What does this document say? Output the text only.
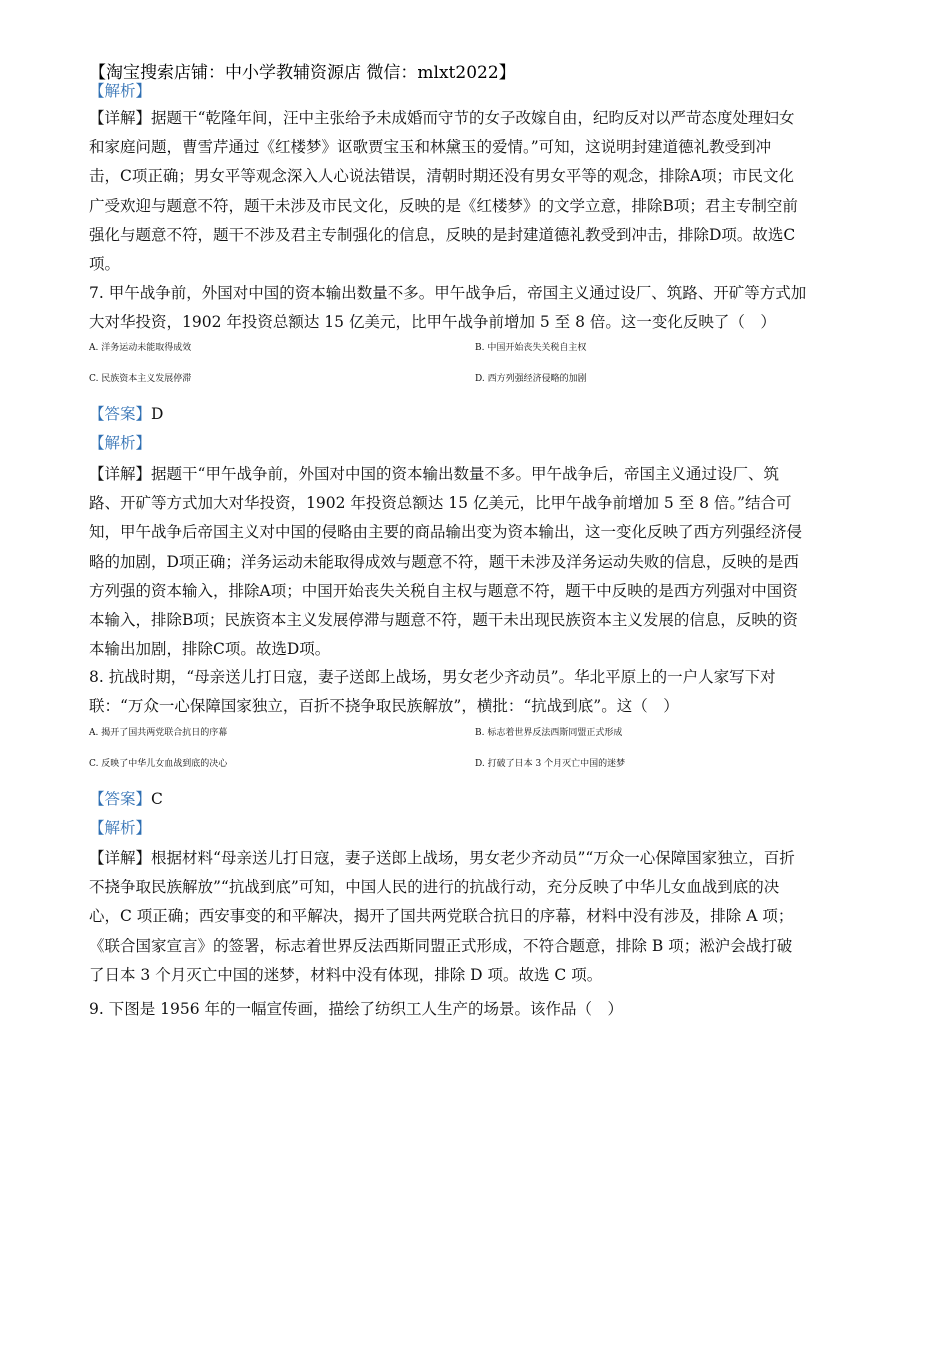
【淘宝搜索店铺：中小学教辅资源店 微信：mlxt2022】
【解析】
【详解】据题干“乾隆年间，汪中主张给予未成婚而守节的女子改嫁自由，纪昀反对以严苛态度处理妇女
和家庭问题，曹雪芹通过《红楼梦》讴歌贾宝玉和林黛玉的爱情。”可知，这说明封建道德礼教受到冲
击，C项正确；男女平等观念深入人心说法错误，清朝时期还没有男女平等的观念，排除A项；市民文化
广受欢迎与题意不符，题干未涉及市民文化，反映的是《红楼梦》的文学立意，排除B项；君主专制空前
强化与题意不符，题干不涉及君主专制强化的信息，反映的是封建道德礼教受到冲击，排除D项。故选C
项。
7. 甲午战争前，外国对中国的资本输出数量不多。甲午战争后，帝国主义通过设厂、筑路、开矿等方式加
大对华投资，1902 年投资总额达 15 亿美元，比甲午战争前增加 5 至 8 倍。这一变化反映了（　）
A. 洋务运动未能取得成效	B. 中国开始丧失关税自主权
C. 民族资本主义发展停滞	D. 西方列强经济侵略的加剧
【答案】D
【解析】
【详解】据题干“甲午战争前，外国对中国的资本输出数量不多。甲午战争后，帝国主义通过设厂、筑
路、开矿等方式加大对华投资，1902 年投资总额达 15 亿美元，比甲午战争前增加 5 至 8 倍。”结合可
知，甲午战争后帝国主义对中国的侵略由主要的商品输出变为资本输出，这一变化反映了西方列强经济侵
略的加剧，D项正确；洋务运动未能取得成效与题意不符，题干未涉及洋务运动失败的信息，反映的是西
方列强的资本输入，排除A项；中国开始丧失关税自主权与题意不符，题干中反映的是西方列强对中国资
本输入，排除B项；民族资本主义发展停滞与题意不符，题干未出现民族资本主义发展的信息，反映的资
本输出加剧，排除C项。故选D项。
8. 抗战时期，“母亲送儿打日寇，妻子送郎上战场，男女老少齐动员”。华北平原上的一户人家写下对
联：“万众一心保障国家独立，百折不挠争取民族解放”，横批：“抗战到底”。这（　）
A. 揭开了国共两党联合抗日的序幕	B. 标志着世界反法西斯同盟正式形成
C. 反映了中华儿女血战到底的决心	D. 打破了日本 3 个月灭亡中国的迷梦
【答案】C
【解析】
【详解】根据材料“母亲送儿打日寇，妻子送郎上战场，男女老少齐动员”“万众一心保障国家独立，百折
不挠争取民族解放”“抗战到底”可知，中国人民的进行的抗战行动，充分反映了中华儿女血战到底的决
心，C 项正确；西安事变的和平解决，揭开了国共两党联合抗日的序幕，材料中没有涉及，排除 A 项；
《联合国家宣言》的签署，标志着世界反法西斯同盟正式形成，不符合题意，排除 B 项；淞沪会战打破
了日本 3 个月灭亡中国的迷梦，材料中没有体现，排除 D 项。故选 C 项。
9. 下图是 1956 年的一幅宣传画，描绘了纺织工人生产的场景。该作品（　）
